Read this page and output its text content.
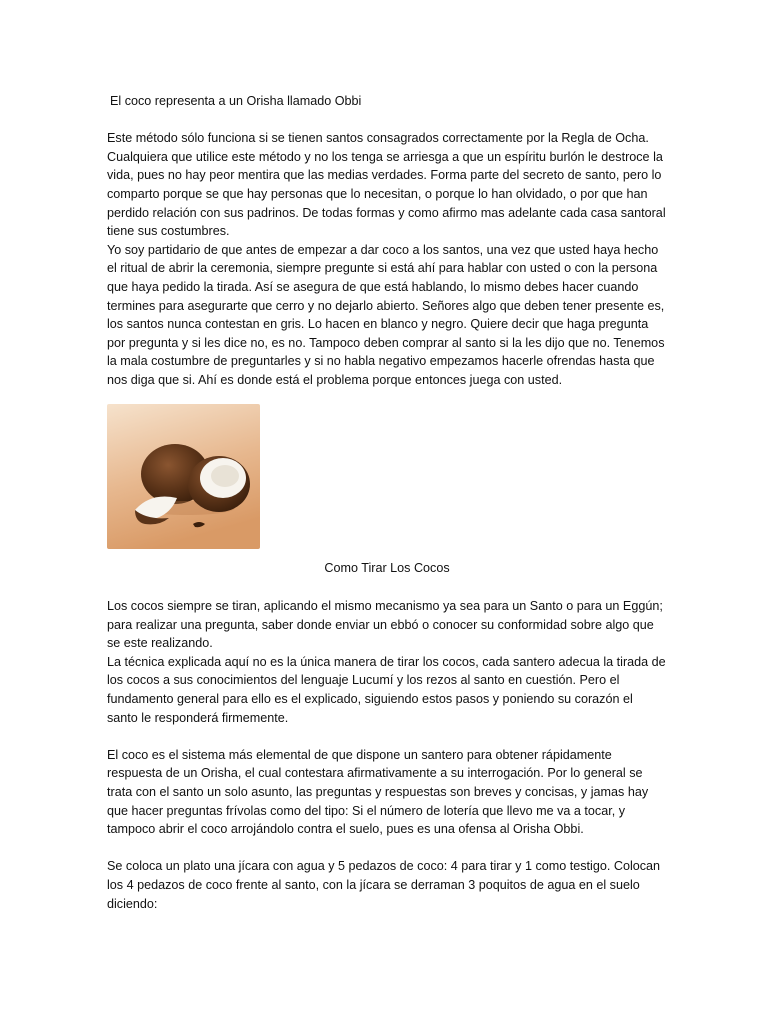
El coco representa a un Orisha llamado Obbi

Este método sólo funciona si se tienen santos consagrados correctamente por la Regla de Ocha. Cualquiera que utilice este método y no los tenga se arriesga a que un espíritu burlón le destroce la vida, pues no hay peor mentira que las medias verdades. Forma parte del secreto de santo, pero lo comparto porque se que hay personas que lo necesitan, o porque lo han olvidado, o por que han perdido relación con sus padrinos. De todas formas y como afirmo mas adelante cada casa santoral tiene sus costumbres.

Yo soy partidario de que antes de empezar a dar coco a los santos, una vez que usted haya hecho el ritual de abrir la ceremonia, siempre pregunte si está ahí para hablar con usted o con la persona que haya pedido la tirada. Así se asegura de que está hablando, lo mismo debes hacer cuando termines para asegurarte que cerro y no dejarlo abierto. Señores algo que deben tener presente es, los santos nunca contestan en gris. Lo hacen en blanco y negro. Quiere decir que haga pregunta por pregunta y si les dice no, es no. Tampoco deben comprar al santo si la les dijo que no. Tenemos la mala costumbre de preguntarles y si no habla negativo empezamos hacerle ofrendas hasta que nos diga que si. Ahí es donde está el problema porque entonces juega con usted.

Como Tirar Los Cocos

Los cocos siempre se tiran, aplicando el mismo mecanismo ya sea para un Santo o para un Eggún; para realizar una pregunta, saber donde enviar un ebbó o conocer su conformidad sobre algo que se este realizando.

La técnica explicada aquí no es la única manera de tirar los cocos, cada santero adecua la tirada de los cocos a sus conocimientos del lenguaje Lucumí y los rezos al santo en cuestión. Pero el fundamento general para ello es el explicado, siguiendo estos pasos y poniendo su corazón el santo le responderá firmemente.

El coco es el sistema más elemental de que dispone un santero para obtener rápidamente respuesta de un Orisha, el cual contestara afirmativamente a su interrogación. Por lo general se trata con el santo un solo asunto, las preguntas y respuestas son breves y concisas, y jamas hay que hacer preguntas frívolas como del tipo: Si el número de lotería que llevo me va a tocar, y tampoco abrir el coco arrojándolo contra el suelo, pues es una ofensa al Orisha Obbi.

Se coloca un plato una jícara con agua y 5 pedazos de coco: 4 para tirar y 1 como testigo. Colocan los 4 pedazos de coco frente al santo, con la jícara se derraman 3 poquitos de agua en el suelo diciendo:
